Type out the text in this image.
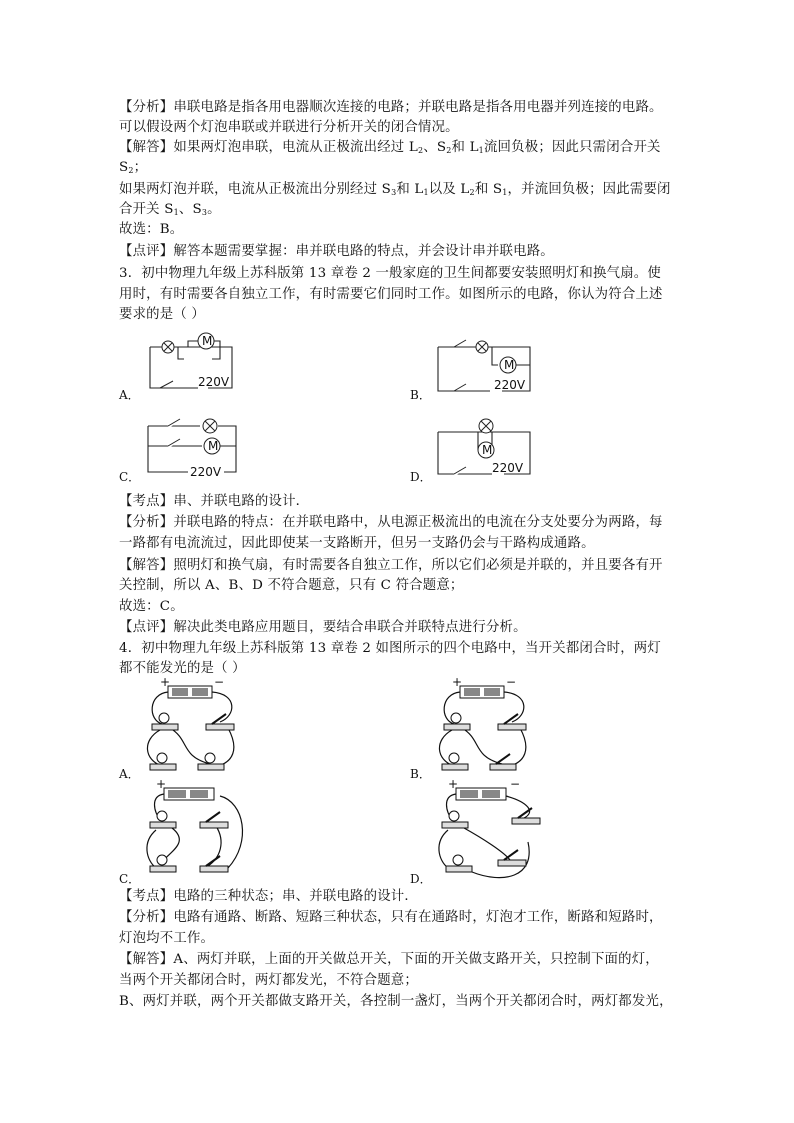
【分析】串联电路是指各用电器顺次连接的电路；并联电路是指各用电器并列连接的电路。
可以假设两个灯泡串联或并联进行分析开关的闭合情况。
【解答】如果两灯泡串联，电流从正极流出经过 $L_2$、$S_2$和 $L_1$流回负极；因此只需闭合开关
$S_2$；
如果两灯泡并联，电流从正极流出分别经过 $S_3$和 $L_1$以及 $L_2$和 $S_1$，并流回负极；因此需要闭
合开关 $S_1$、$S_3$。
故选：B。
【点评】解答本题需要掌握：串并联电路的特点，并会设计串并联电路。
3．初中物理九年级上苏科版第 13 章卷 2 一般家庭的卫生间都要安装照明灯和换气扇。使
用时，有时需要各自独立工作，有时需要它们同时工作。如图所示的电路，你认为符合上述
要求的是（ ）
A．
M
220V
B．
M
220V
C．
M
220V	D．
M
220V
【考点】串、并联电路的设计．
【分析】并联电路的特点：在并联电路中，从电源正极流出的电流在分支处要分为两路，每
一路都有电流流过，因此即使某一支路断开，但另一支路仍会与干路构成通路。
【解答】照明灯和换气扇，有时需要各自独立工作，所以它们必须是并联的，并且要各有开
关控制，所以 A、B、D 不符合题意，只有 C 符合题意；
故选：C。
【点评】解决此类电路应用题目，要结合串联合并联特点进行分析。
4．初中物理九年级上苏科版第 13 章卷 2 如图所示的四个电路中，当开关都闭合时，两灯
都不能发光的是（ ）
A．
+	−
B．
+	−
C．
+
D．
+	−
【考点】电路的三种状态；串、并联电路的设计．
【分析】电路有通路、断路、短路三种状态，只有在通路时，灯泡才工作，断路和短路时，
灯泡均不工作。
【解答】A、两灯并联，上面的开关做总开关，下面的开关做支路开关，只控制下面的灯，
当两个开关都闭合时，两灯都发光，不符合题意；
B、两灯并联，两个开关都做支路开关，各控制一盏灯，当两个开关都闭合时，两灯都发光，
